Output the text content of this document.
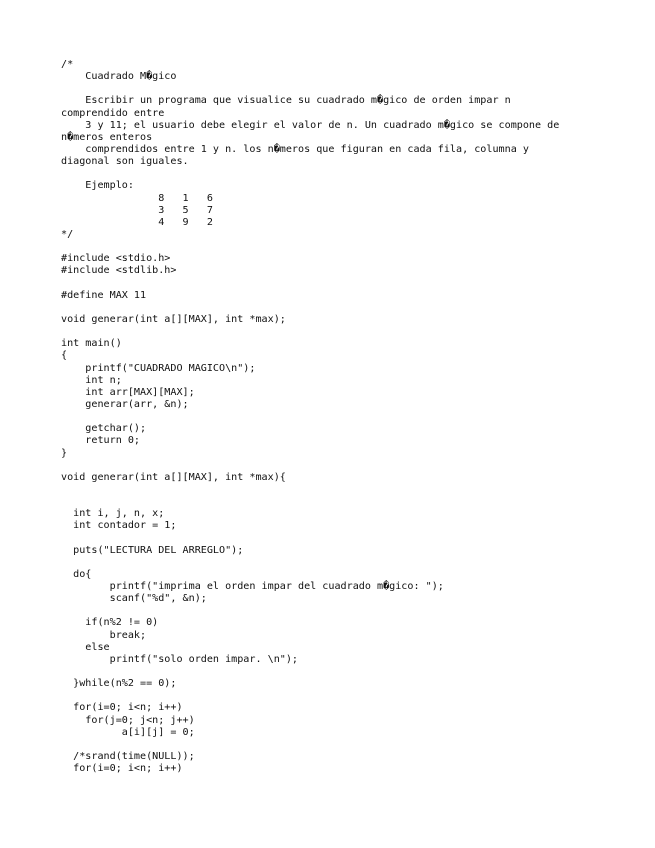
/*
Cuadrado M�gico
Escribir un programa que visualice su cuadrado m�gico de orden impar n
comprendido entre
3 y 11; el usuario debe elegir el valor de n. Un cuadrado m�gico se compone de
n�meros enteros
comprendidos entre 1 y n. los n�meros que figuran en cada fila, columna y
diagonal son iguales.
Ejemplo:
8   1   6
3   5   7
4   9   2
*/
#include <stdio.h>
#include <stdlib.h>
#define MAX 11
void generar(int a[][MAX], int *max);
int main()
{
printf("CUADRADO MAGICO\n");
int n;
int arr[MAX][MAX];
generar(arr, &n);
getchar();
return 0;
}
void generar(int a[][MAX], int *max){
int i, j, n, x;
int contador = 1;
puts("LECTURA DEL ARREGLO");
do{
printf("imprima el orden impar del cuadrado m�gico: ");
scanf("%d", &n);
if(n%2 != 0)
break;
else
printf("solo orden impar. \n");
}while(n%2 == 0);
for(i=0; i<n; i++)
for(j=0; j<n; j++)
a[i][j] = 0;
/*srand(time(NULL));
for(i=0; i<n; i++)
